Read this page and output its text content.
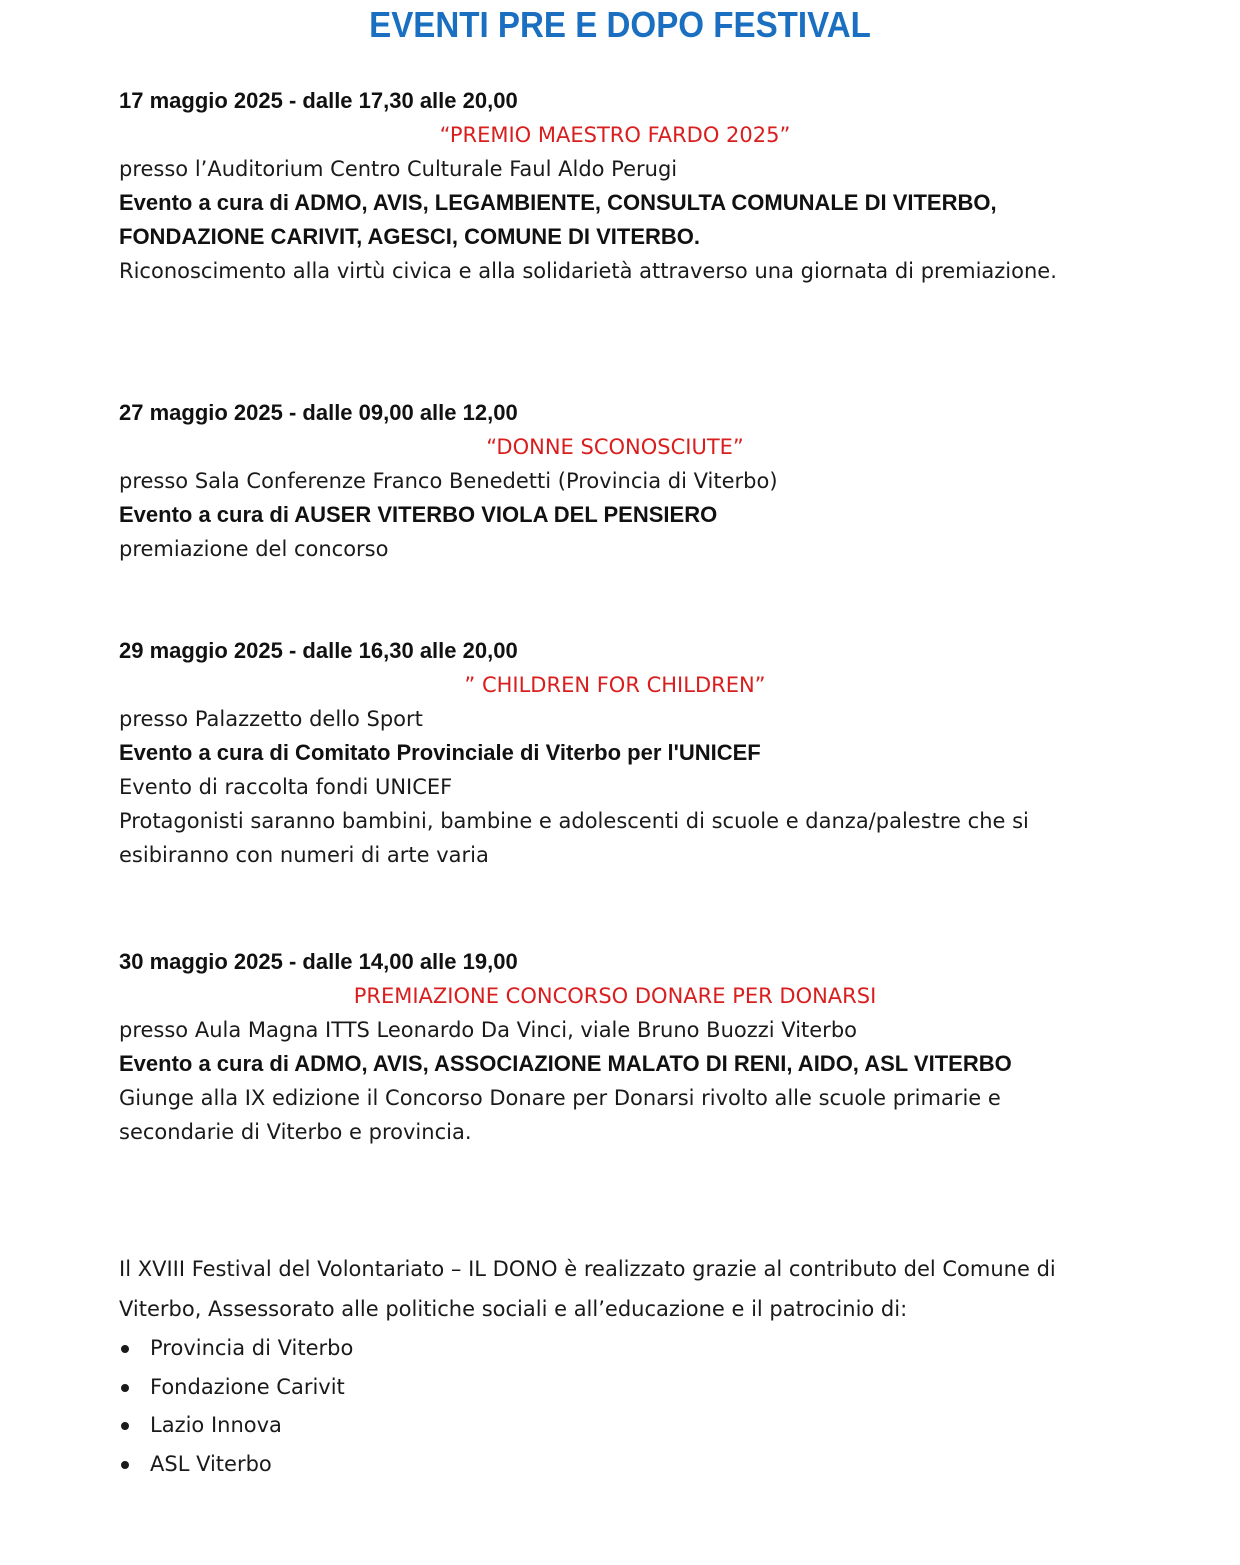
EVENTI PRE E DOPO FESTIVAL

17 maggio 2025 - dalle 17,30 alle 20,00

“PREMIO MAESTRO FARDO 2025”

presso l’Auditorium Centro Culturale Faul Aldo Perugi

Evento a cura di ADMO, AVIS, LEGAMBIENTE, CONSULTA COMUNALE DI VITERBO, FONDAZIONE CARIVIT, AGESCI, COMUNE DI VITERBO.

Riconoscimento alla virtù civica e alla solidarietà attraverso una giornata di premiazione.

27 maggio 2025 - dalle 09,00 alle 12,00

“DONNE SCONOSCIUTE”

presso Sala Conferenze Franco Benedetti (Provincia di Viterbo)

Evento a cura di AUSER VITERBO VIOLA DEL PENSIERO

premiazione del concorso

29 maggio 2025 - dalle 16,30 alle 20,00

” CHILDREN FOR CHILDREN”

presso Palazzetto dello Sport

Evento a cura di Comitato Provinciale di Viterbo per l'UNICEF

Evento di raccolta fondi UNICEF

Protagonisti saranno bambini, bambine e adolescenti di scuole e danza/palestre che si esibiranno con numeri di arte varia

30 maggio 2025 - dalle 14,00 alle 19,00

PREMIAZIONE CONCORSO DONARE PER DONARSI

presso Aula Magna ITTS Leonardo Da Vinci, viale Bruno Buozzi Viterbo

Evento a cura di ADMO, AVIS, ASSOCIAZIONE MALATO DI RENI, AIDO, ASL VITERBO

Giunge alla IX edizione il Concorso Donare per Donarsi rivolto alle scuole primarie e secondarie di Viterbo e provincia.

Il XVIII Festival del Volontariato – IL DONO è realizzato grazie al contributo del Comune di Viterbo, Assessorato alle politiche sociali e all’educazione e il patrocinio di:

Provincia di Viterbo
Fondazione Carivit
Lazio Innova
ASL Viterbo
